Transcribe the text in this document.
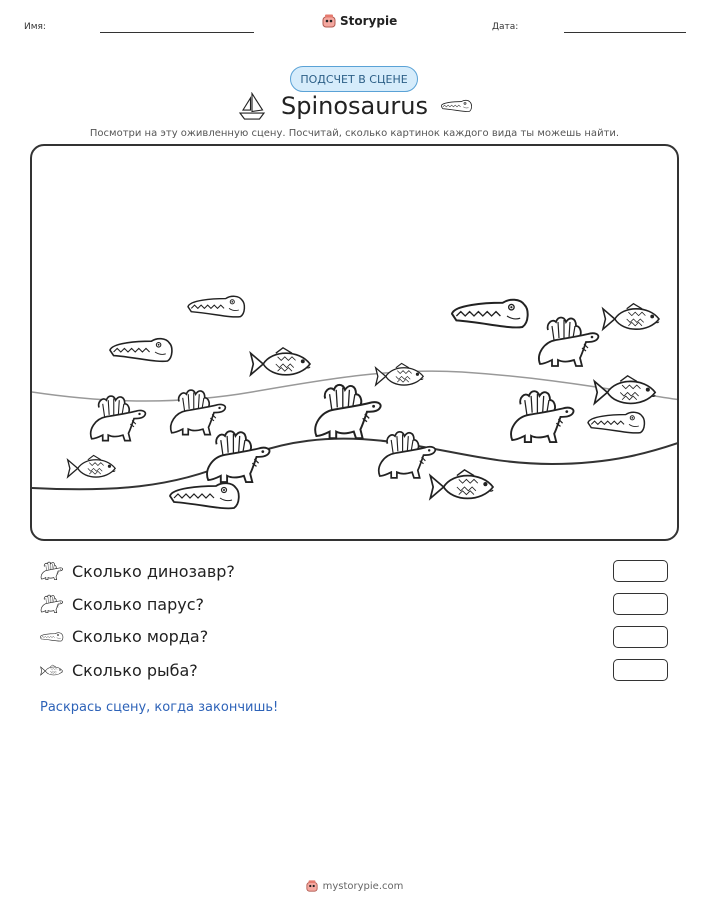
Имя:	Storypie	Дата:
ПОДСЧЕТ В СЦЕНЕ
Spinosaurus
Посмотри на эту оживленную сцену. Посчитай, сколько картинок каждого вида ты можешь найти.
Сколько динозавр?
Сколько парус?
Сколько морда?
Сколько рыба?
Раскрась сцену, когда закончишь!
mystorypie.com
